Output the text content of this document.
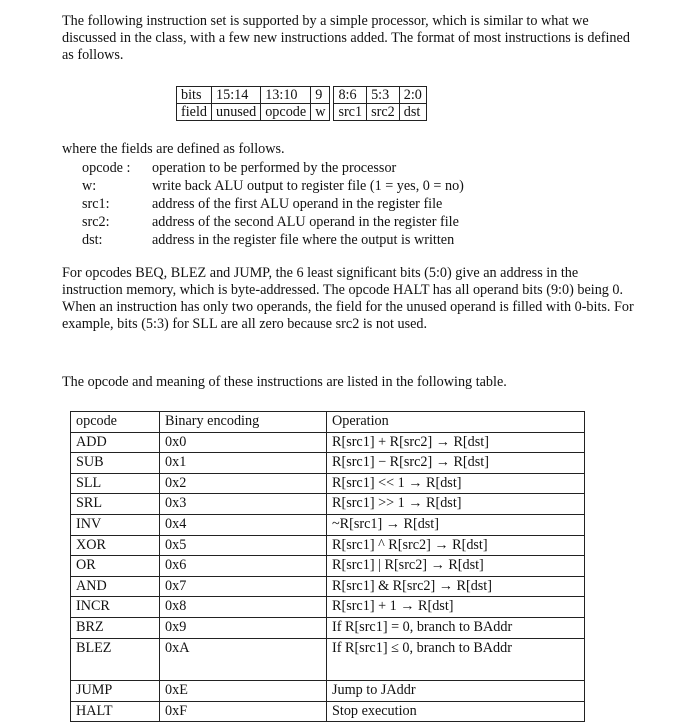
The following instruction set is supported by a simple processor, which is similar to what we discussed in the class, with a few new instructions added. The format of most instructions is defined as follows.

bits	15:14	13:10	9		8:6	5:3	2:0
field	unused	opcode	w		src1	src2	dst

where the fields are defined as follows.

opcode :	operation to be performed by the processor
w:	write back ALU output to register file (1 = yes, 0 = no)
src1:	address of the first ALU operand in the register file
src2:	address of the second ALU operand in the register file
dst:	address in the register file where the output is written

For opcodes BEQ, BLEZ and JUMP, the 6 least significant bits (5:0) give an address in the instruction memory, which is byte-addressed. The opcode HALT has all operand bits (9:0) being 0. When an instruction has only two operands, the field for the unused operand is filled with 0-bits. For example, bits (5:3) for SLL are all zero because src2 is not used.

The opcode and meaning of these instructions are listed in the following table.

opcode	Binary encoding	Operation
ADD	0x0	R[src1] + R[src2] → R[dst]
SUB	0x1	R[src1] − R[src2] → R[dst]
SLL	0x2	R[src1] << 1 → R[dst]
SRL	0x3	R[src1] >> 1 → R[dst]
INV	0x4	~R[src1] → R[dst]
XOR	0x5	R[src1] ^ R[src2] → R[dst]
OR	0x6	R[src1] | R[src2] → R[dst]
AND	0x7	R[src1] & R[src2] → R[dst]
INCR	0x8	R[src1] + 1 → R[dst]
BRZ	0x9	If R[src1] = 0, branch to BAddr
BLEZ	0xA	If R[src1] ≤ 0, branch to BAddr

JUMP	0xE	Jump to JAddr
HALT	0xF	Stop execution
